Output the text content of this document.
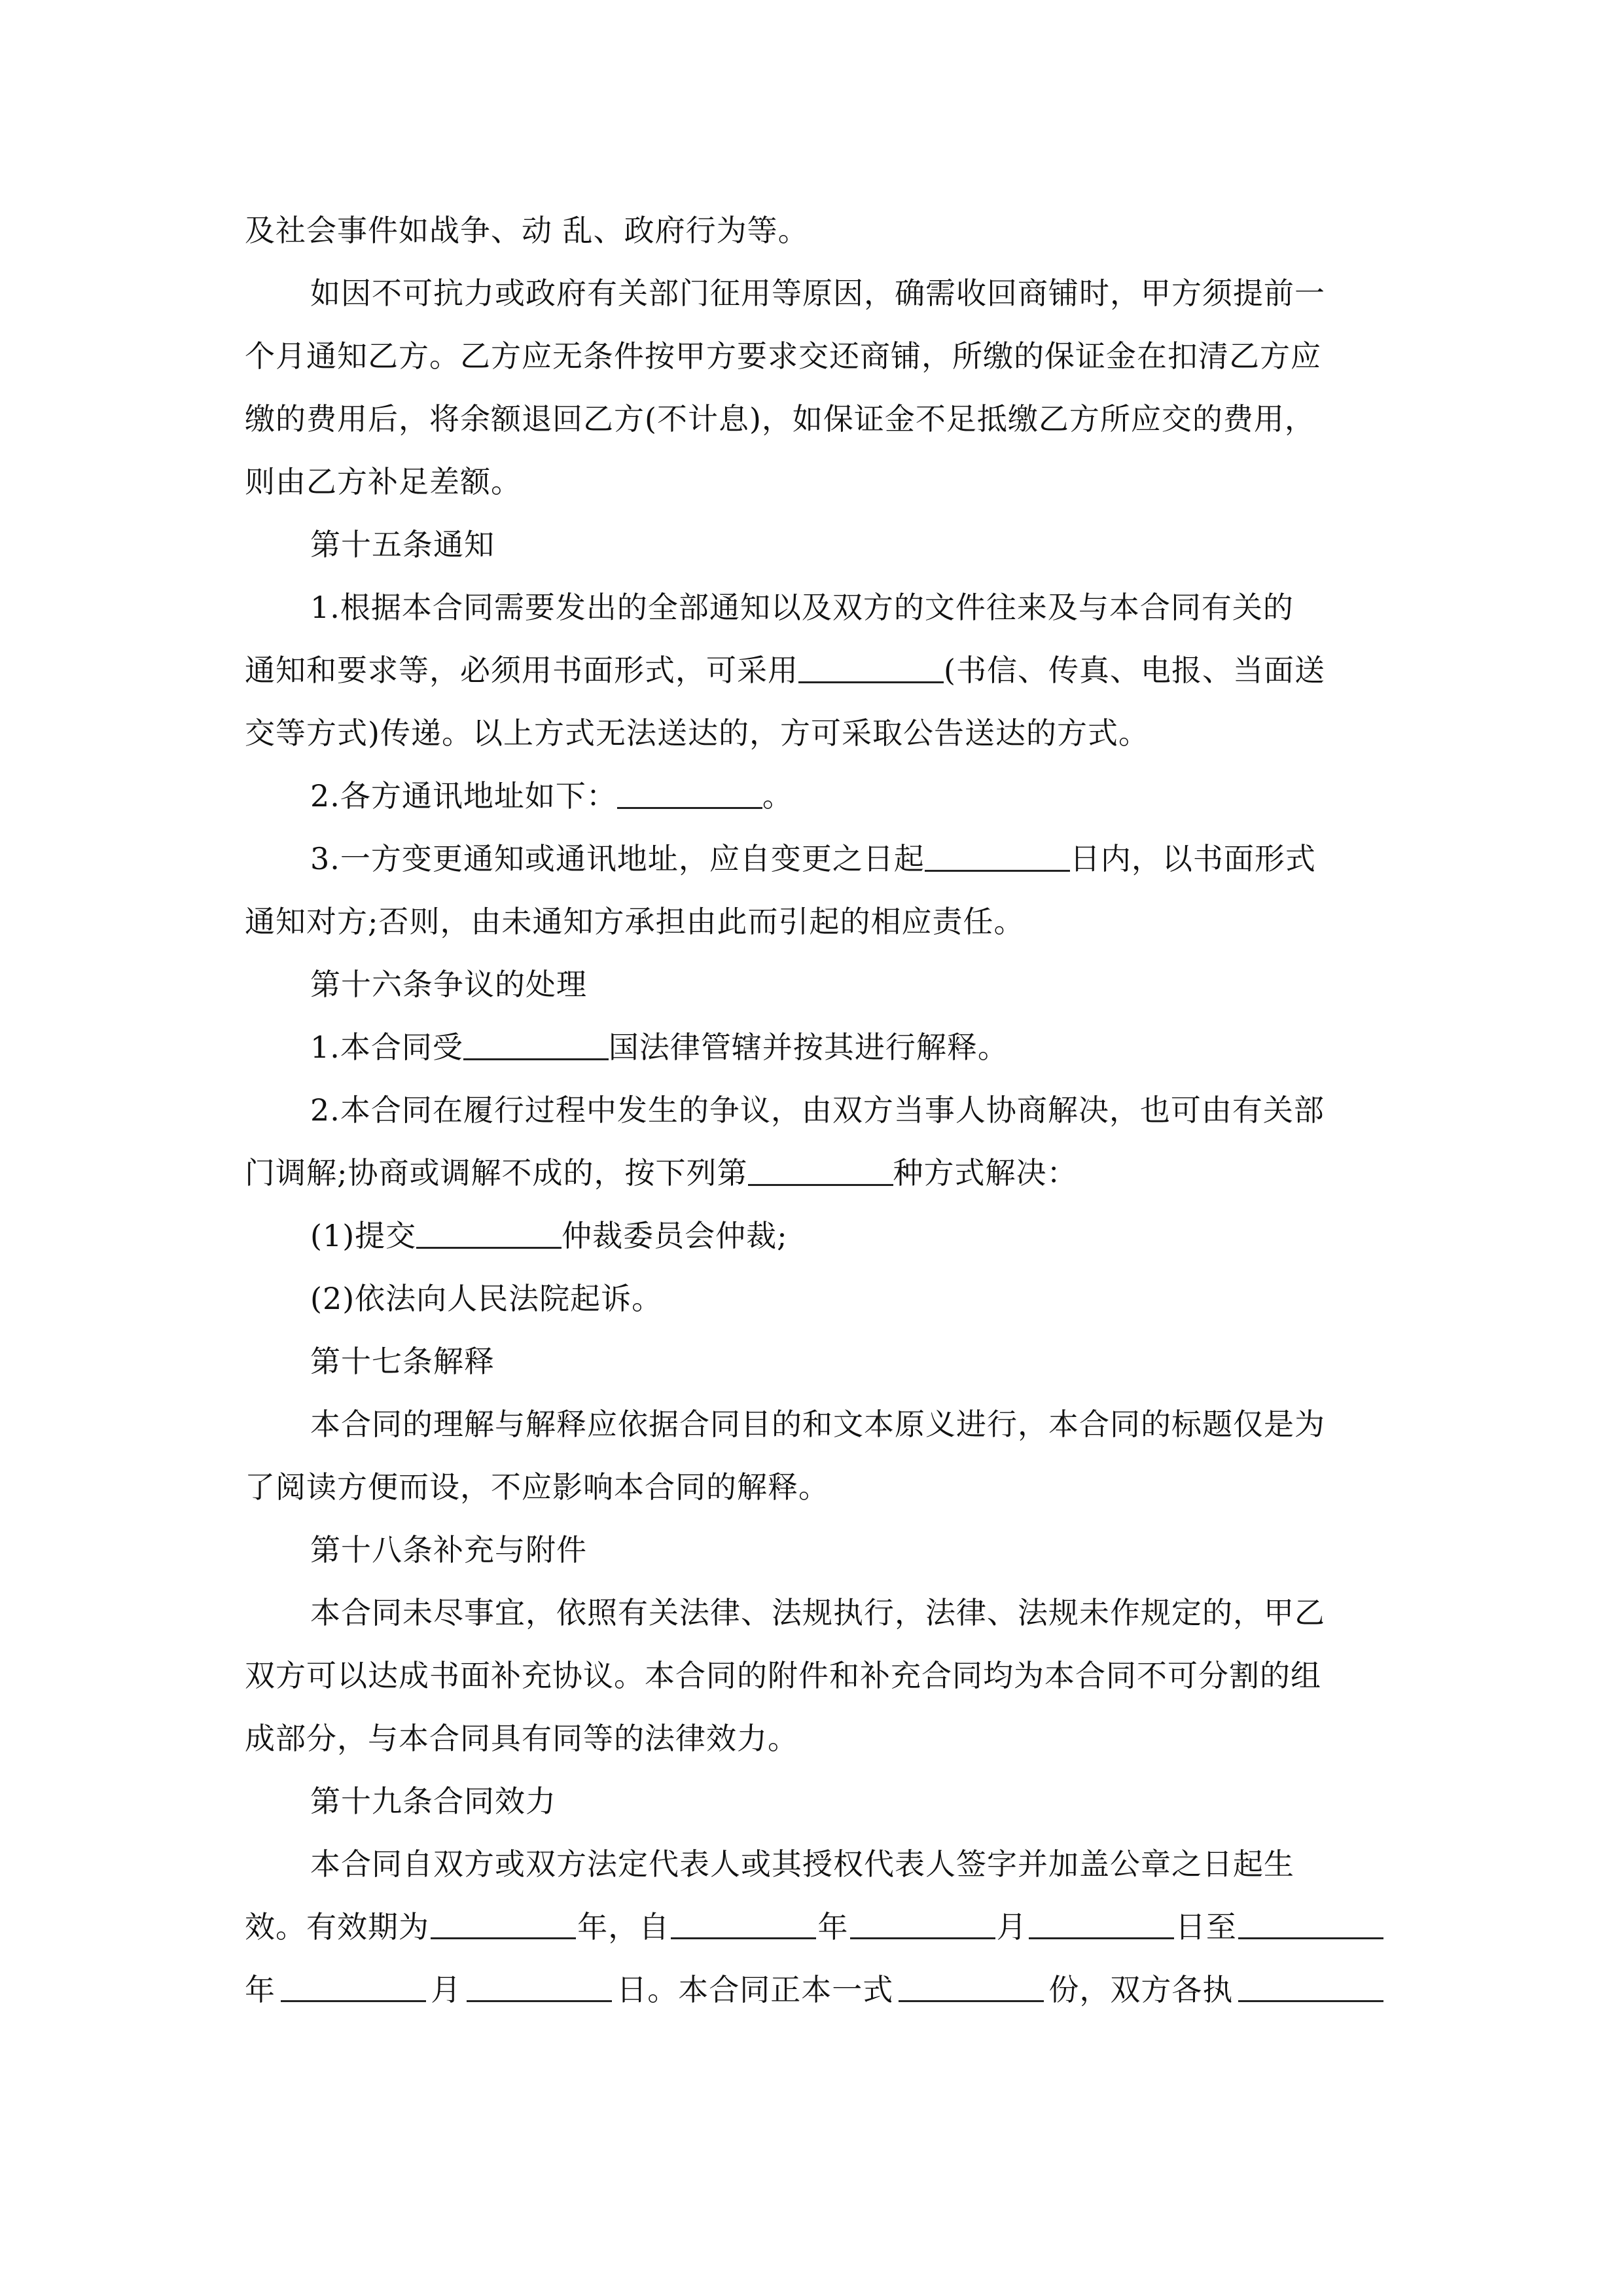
及社会事件如战争、动 乱、政府行为等。
如因不可抗力或政府有关部门征用等原因，确需收回商铺时，甲方须提前一
个月通知乙方。乙方应无条件按甲方要求交还商铺，所缴的保证金在扣清乙方应
缴的费用后，将余额退回乙方(不计息)，如保证金不足抵缴乙方所应交的费用，
则由乙方补足差额。
第十五条通知
1.根据本合同需要发出的全部通知以及双方的文件往来及与本合同有关的
通知和要求等，必须用书面形式，可采用	(书信、传真、电报、当面送
交等方式)传递。以上方式无法送达的，方可采取公告送达的方式。
2.各方通讯地址如下：	。
3.一方变更通知或通讯地址，应自变更之日起	日内，以书面形式
通知对方;否则，由未通知方承担由此而引起的相应责任。
第十六条争议的处理
1.本合同受	国法律管辖并按其进行解释。
2.本合同在履行过程中发生的争议，由双方当事人协商解决，也可由有关部
门调解;协商或调解不成的，按下列第	种方式解决：
(1)提交	仲裁委员会仲裁;
(2)依法向人民法院起诉。
第十七条解释
本合同的理解与解释应依据合同目的和文本原义进行，本合同的标题仅是为
了阅读方便而设，不应影响本合同的解释。
第十八条补充与附件
本合同未尽事宜，依照有关法律、法规执行，法律、法规未作规定的，甲乙
双方可以达成书面补充协议。本合同的附件和补充合同均为本合同不可分割的组
成部分，与本合同具有同等的法律效力。
第十九条合同效力
本合同自双方或双方法定代表人或其授权代表人签字并加盖公章之日起生
效。有效期为	年，自	年	月	日至
年	月	日。本合同正本一式	份，双方各执
